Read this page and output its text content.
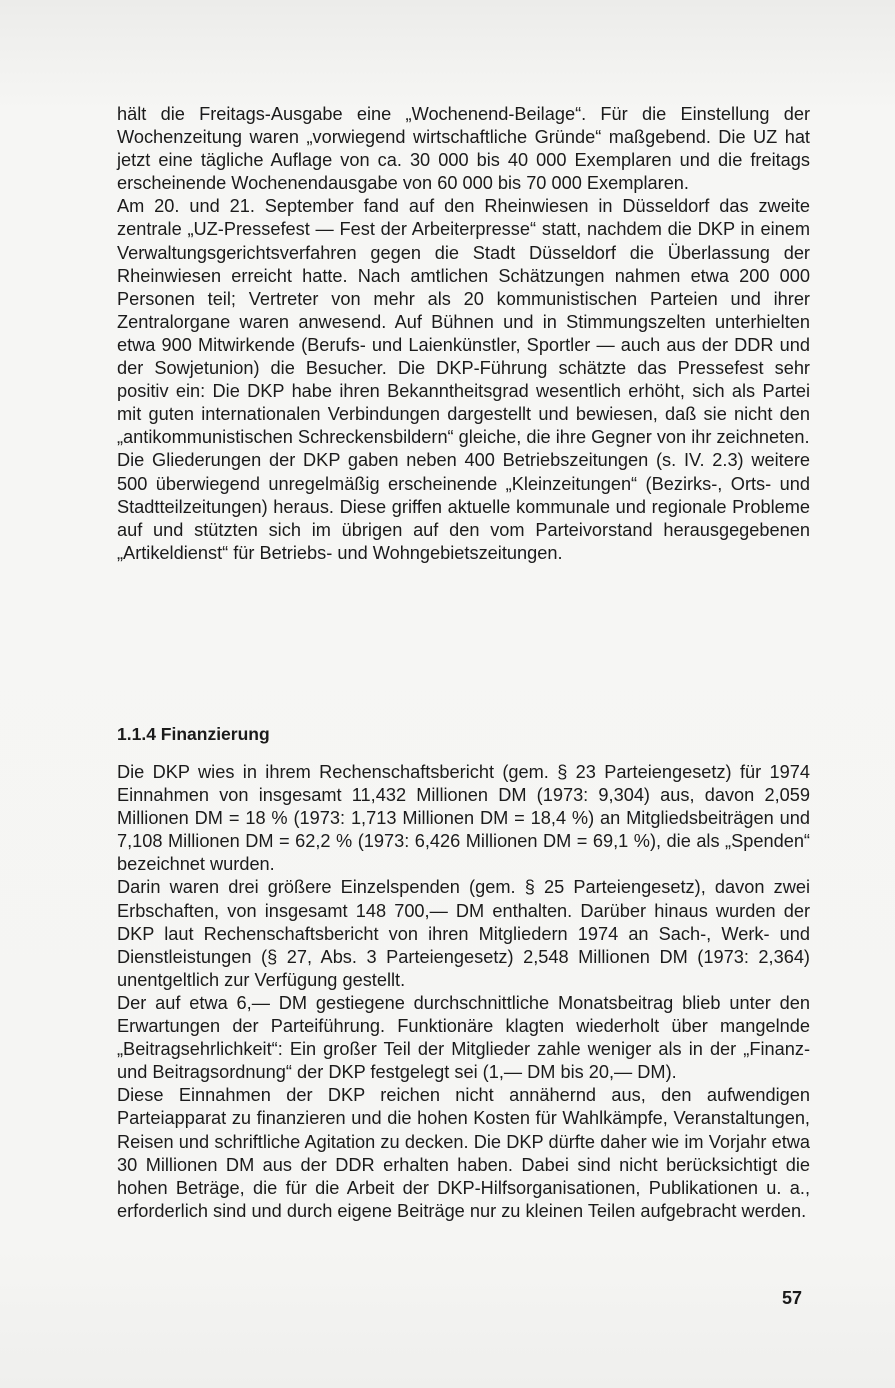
hält die Freitags-Ausgabe eine „Wochenend-Beilage“. Für die Einstellung der Wochenzeitung waren „vorwiegend wirtschaftliche Gründe“ maßgebend. Die UZ hat jetzt eine tägliche Auflage von ca. 30 000 bis 40 000 Exemplaren und die freitags erscheinende Wochenendausgabe von 60 000 bis 70 000 Exemplaren.

Am 20. und 21. September fand auf den Rheinwiesen in Düsseldorf das zweite zentrale „UZ-Pressefest — Fest der Arbeiterpresse“ statt, nachdem die DKP in einem Verwaltungsgerichtsverfahren gegen die Stadt Düsseldorf die Überlassung der Rheinwiesen erreicht hatte. Nach amtlichen Schätzungen nahmen etwa 200 000 Personen teil; Vertreter von mehr als 20 kommunistischen Parteien und ihrer Zentralorgane waren anwesend. Auf Bühnen und in Stimmungszelten unterhielten etwa 900 Mitwirkende (Berufs- und Laienkünstler, Sportler — auch aus der DDR und der Sowjetunion) die Besucher. Die DKP-Führung schätzte das Pressefest sehr positiv ein: Die DKP habe ihren Bekanntheitsgrad wesentlich erhöht, sich als Partei mit guten internationalen Verbindungen dargestellt und bewiesen, daß sie nicht den „antikommunistischen Schreckensbildern“ gleiche, die ihre Gegner von ihr zeichneten.

Die Gliederungen der DKP gaben neben 400 Betriebszeitungen (s. IV. 2.3) weitere 500 überwiegend unregelmäßig erscheinende „Kleinzeitungen“ (Bezirks-, Orts- und Stadtteilzeitungen) heraus. Diese griffen aktuelle kommunale und regionale Probleme auf und stützten sich im übrigen auf den vom Parteivorstand herausgegebenen „Artikeldienst“ für Betriebs- und Wohngebietszeitungen.

1.1.4 Finanzierung

Die DKP wies in ihrem Rechenschaftsbericht (gem. § 23 Parteiengesetz) für 1974 Einnahmen von insgesamt 11,432 Millionen DM (1973: 9,304) aus, davon 2,059 Millionen DM = 18 % (1973: 1,713 Millionen DM = 18,4 %) an Mitgliedsbeiträgen und 7,108 Millionen DM = 62,2 % (1973: 6,426 Millionen DM = 69,1 %), die als „Spenden“ bezeichnet wurden.

Darin waren drei größere Einzelspenden (gem. § 25 Parteiengesetz), davon zwei Erbschaften, von insgesamt 148 700,— DM enthalten. Darüber hinaus wurden der DKP laut Rechenschaftsbericht von ihren Mitgliedern 1974 an Sach-, Werk- und Dienstleistungen (§ 27, Abs. 3 Parteiengesetz) 2,548 Millionen DM (1973: 2,364) unentgeltlich zur Verfügung gestellt.

Der auf etwa 6,— DM gestiegene durchschnittliche Monatsbeitrag blieb unter den Erwartungen der Parteiführung. Funktionäre klagten wiederholt über mangelnde „Beitragsehrlichkeit“: Ein großer Teil der Mitglieder zahle weniger als in der „Finanz- und Beitragsordnung“ der DKP festgelegt sei (1,— DM bis 20,— DM).

Diese Einnahmen der DKP reichen nicht annähernd aus, den aufwendigen Parteiapparat zu finanzieren und die hohen Kosten für Wahlkämpfe, Veranstaltungen, Reisen und schriftliche Agitation zu decken. Die DKP dürfte daher wie im Vorjahr etwa 30 Millionen DM aus der DDR erhalten haben. Dabei sind nicht berücksichtigt die hohen Beträge, die für die Arbeit der DKP-Hilfsorganisationen, Publikationen u. a., erforderlich sind und durch eigene Beiträge nur zu kleinen Teilen aufgebracht werden.

57
